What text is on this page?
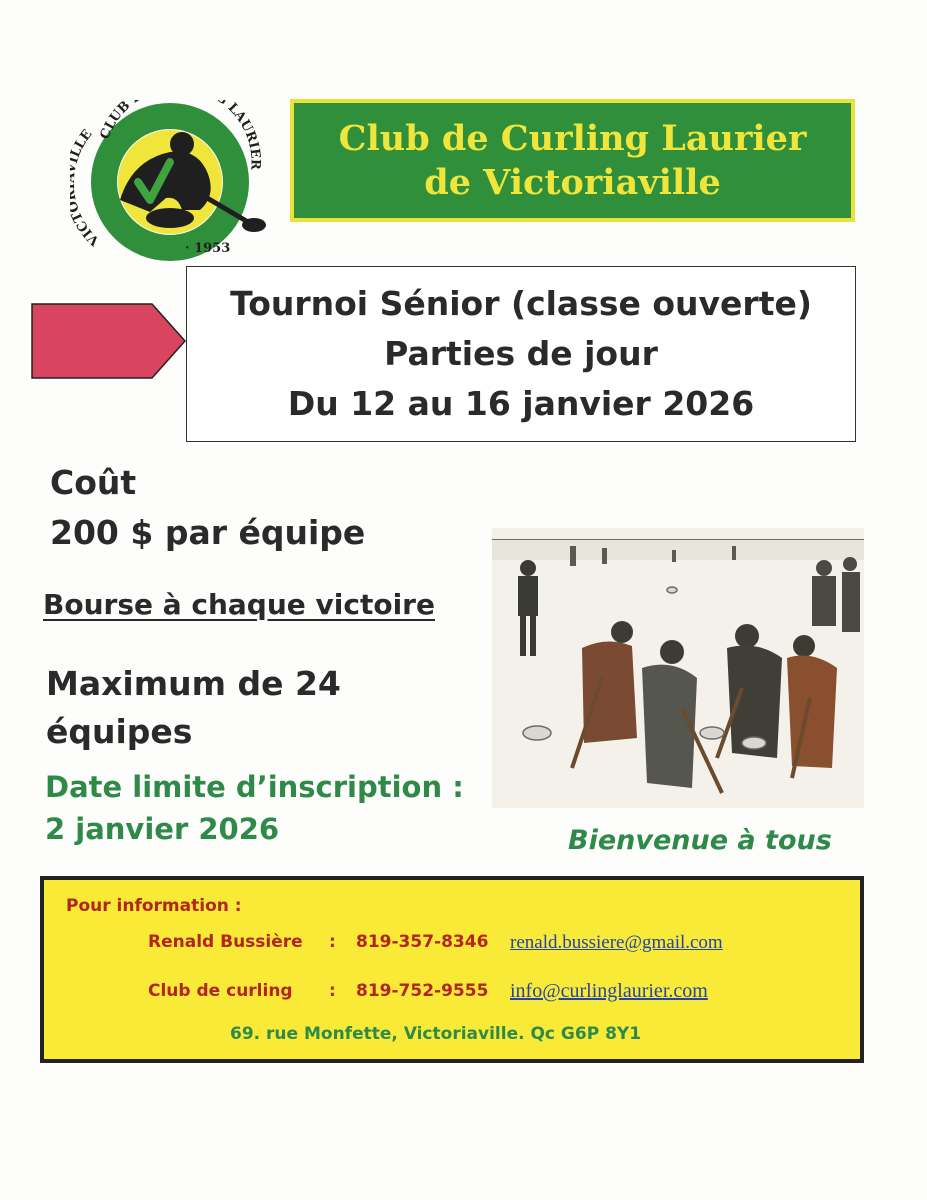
CLUB LAURIER
VICT LE
· 1953
Club de Curling Laurier
de Victoriaville
Tournoi Sénior (classe ouverte)
Parties de jour
Du 12 au 16 janvier 2026
Coût
200 $ par équipe
Bourse à chaque victoire
Maximum de 24 équipes
Date limite d’inscription :
2 janvier 2026	Bienvenue à tous
Pour information :
Renald Bussière : 819-357-8346 renald.bussiere@gmail.com
Club de curling : 819-752-9555 info@curlinglaurier.com
69. rue Monfette, Victoriaville. Qc G6P 8Y1
